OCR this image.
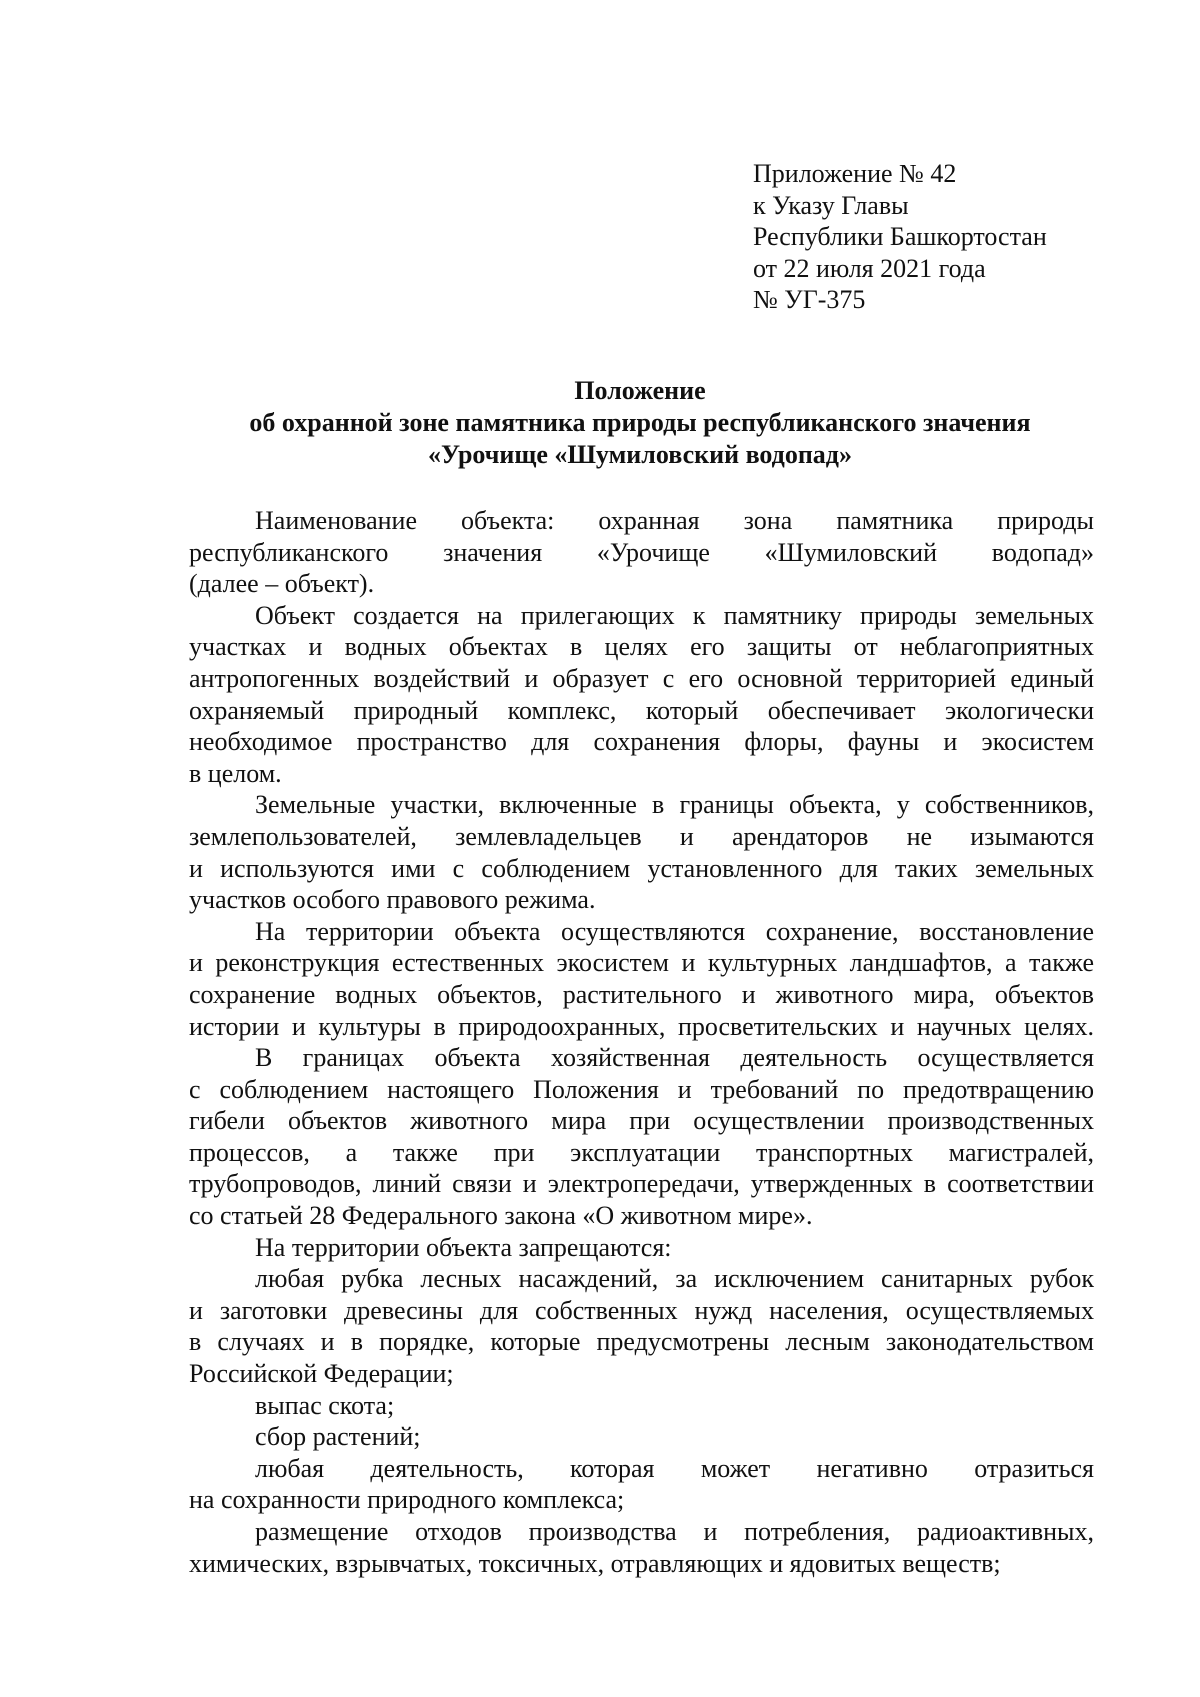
Приложение № 42
к Указу Главы
Республики Башкортостан
от 22 июля 2021 года
№ УГ-375
Положение
об охранной зоне памятника природы республиканского значения
«Урочище «Шумиловский водопад»
Наименование объекта: охранная зона памятника природы
республиканского значения «Урочище «Шумиловский водопад»
(далее – объект).
Объект создается на прилегающих к памятнику природы земельных
участках и водных объектах в целях его защиты от неблагоприятных
антропогенных воздействий и образует с его основной территорией единый
охраняемый природный комплекс, который обеспечивает экологически
необходимое пространство для сохранения флоры, фауны и экосистем
в целом.
Земельные участки, включенные в границы объекта, у собственников,
землепользователей, землевладельцев и арендаторов не изымаются
и используются ими с соблюдением установленного для таких земельных
участков особого правового режима.
На территории объекта осуществляются сохранение, восстановление
и реконструкция естественных экосистем и культурных ландшафтов, а также
сохранение водных объектов, растительного и животного мира, объектов
истории и культуры в природоохранных, просветительских и научных целях.
В границах объекта хозяйственная деятельность осуществляется
с соблюдением настоящего Положения и требований по предотвращению
гибели объектов животного мира при осуществлении производственных
процессов, а также при эксплуатации транспортных магистралей,
трубопроводов, линий связи и электропередачи, утвержденных в соответствии
со статьей 28 Федерального закона «О животном мире».
На территории объекта запрещаются:
любая рубка лесных насаждений, за исключением санитарных рубок
и заготовки древесины для собственных нужд населения, осуществляемых
в случаях и в порядке, которые предусмотрены лесным законодательством
Российской Федерации;
выпас скота;
сбор растений;
любая деятельность, которая может негативно отразиться
на сохранности природного комплекса;
размещение отходов производства и потребления, радиоактивных,
химических, взрывчатых, токсичных, отравляющих и ядовитых веществ;
